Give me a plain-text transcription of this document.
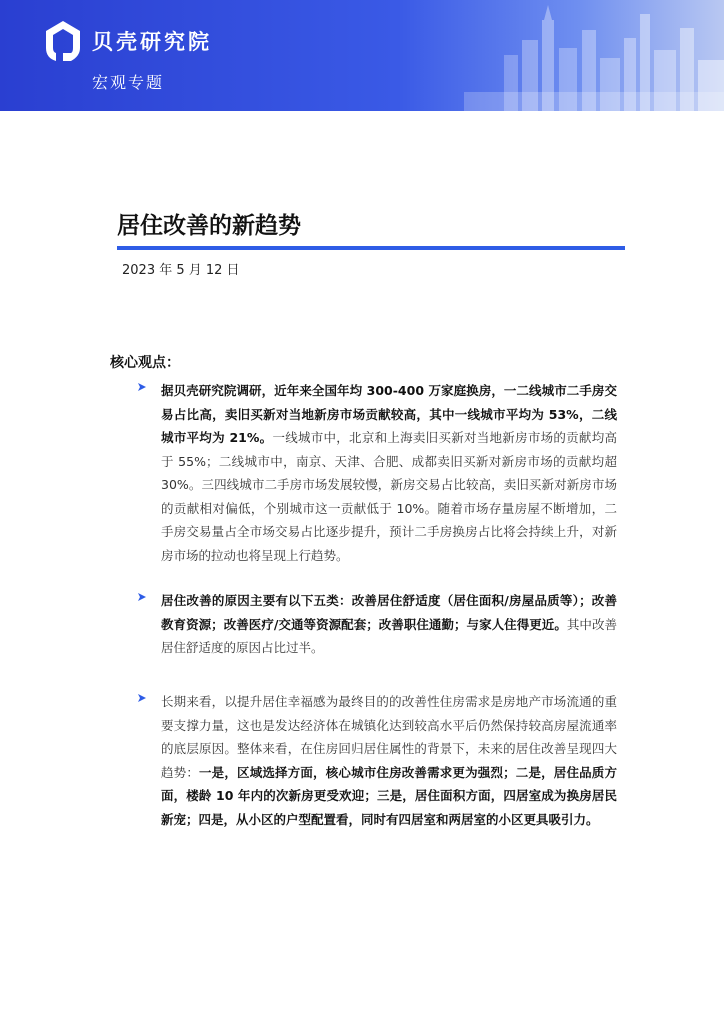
贝壳研究院
宏观专题
居住改善的新趋势
2023 年 5 月 12 日
核心观点：
据贝壳研究院调研，近年来全国年均 300-400 万家庭换房，一二线城市二手房交易占比高，卖旧买新对当地新房市场贡献较高，其中一线城市平均为 53%，二线城市平均为 21%。一线城市中，北京和上海卖旧买新对当地新房市场的贡献均高于 55%；二线城市中，南京、天津、合肥、成都卖旧买新对新房市场的贡献均超 30%。三四线城市二手房市场发展较慢，新房交易占比较高，卖旧买新对新房市场的贡献相对偏低，个别城市这一贡献低于 10%。随着市场存量房屋不断增加，二手房交易量占全市场交易占比逐步提升，预计二手房换房占比将会持续上升，对新房市场的拉动也将呈现上行趋势。
居住改善的原因主要有以下五类：改善居住舒适度（居住面积/房屋品质等）；改善教育资源；改善医疗/交通等资源配套；改善职住通勤；与家人住得更近。其中改善居住舒适度的原因占比过半。
长期来看，以提升居住幸福感为最终目的的改善性住房需求是房地产市场流通的重要支撑力量，这也是发达经济体在城镇化达到较高水平后仍然保持较高房屋流通率的底层原因。整体来看，在住房回归居住属性的背景下，未来的居住改善呈现四大趋势：一是，区域选择方面，核心城市住房改善需求更为强烈；二是，居住品质方面，楼龄 10 年内的次新房更受欢迎；三是，居住面积方面，四居室成为换房居民新宠；四是，从小区的户型配置看，同时有四居室和两居室的小区更具吸引力。
